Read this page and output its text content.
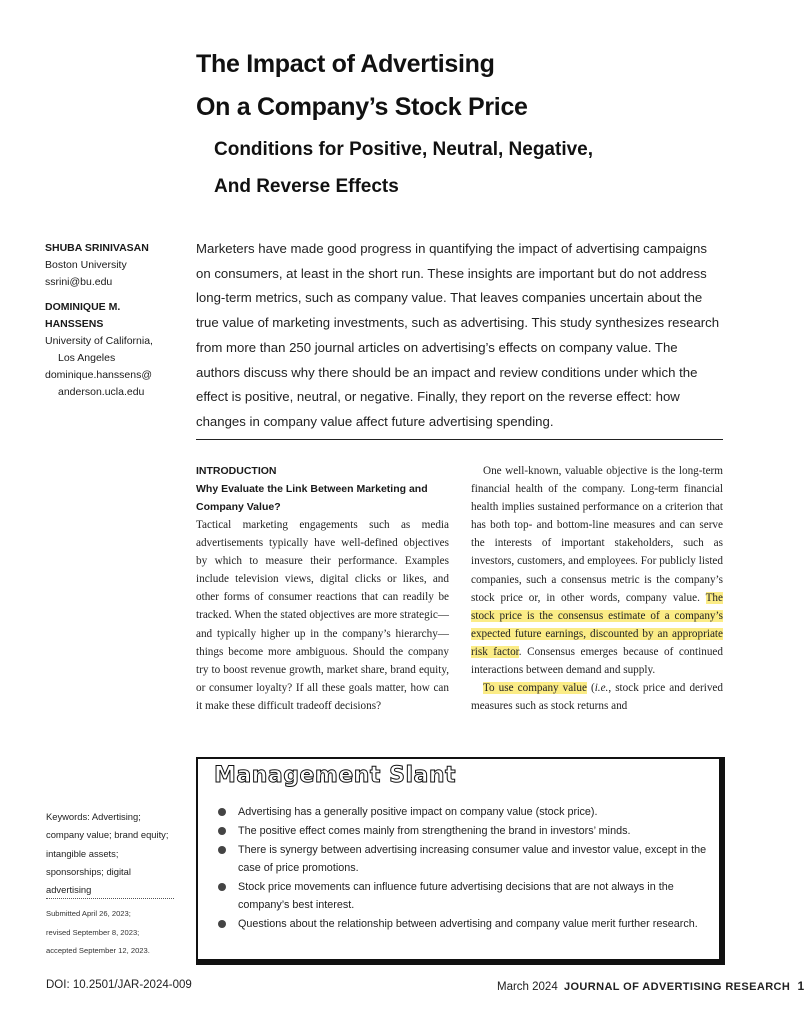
The Impact of Advertising
On a Company’s Stock Price
Conditions for Positive, Neutral, Negative,
And Reverse Effects
SHUBA SRINIVASAN
Boston University
ssrini@bu.edu
DOMINIQUE M.
HANSSENS
University of California,
Los Angeles
dominique.hanssens@
anderson.ucla.edu
Marketers have made good progress in quantifying the impact of advertising campaigns on consumers, at least in the short run. These insights are important but do not address long-term metrics, such as company value. That leaves companies uncertain about the true value of marketing investments, such as advertising. This study synthesizes research from more than 250 journal articles on advertising’s effects on company value. The authors discuss why there should be an impact and review conditions under which the effect is positive, neutral, or negative. Finally, they report on the reverse effect: how changes in company value affect future advertising spending.
INTRODUCTION
Why Evaluate the Link Between Marketing and Company Value?

Tactical marketing engagements such as media advertisements typically have well-defined objectives by which to measure their performance. Examples include television views, digital clicks or likes, and other forms of consumer reactions that can readily be tracked. When the stated objectives are more strategic—and typically higher up in the company’s hierarchy—things become more ambiguous. Should the company try to boost revenue growth, market share, brand equity, or consumer loyalty? If all these goals matter, how can it make these difficult tradeoff decisions?

One well-known, valuable objective is the long-term financial health of the company. Long-term financial health implies sustained performance on a criterion that has both top- and bottom-line measures and can serve the interests of important stakeholders, such as investors, customers, and employees. For publicly listed companies, such a consensus metric is the company’s stock price or, in other words, company value. The stock price is the consensus estimate of a company’s expected future earnings, discounted by an appropriate risk factor. Consensus emerges because of continued interactions between demand and supply.

To use company value (i.e., stock price and derived measures such as stock returns and

Management Slant
Advertising has a generally positive impact on company value (stock price).
The positive effect comes mainly from strengthening the brand in investors’ minds.
There is synergy between advertising increasing consumer value and investor value, except in the case of price promotions.
Stock price movements can influence future advertising decisions that are not always in the company’s best interest.
Questions about the relationship between advertising and company value merit further research.
Keywords: Advertising; company value; brand equity; intangible assets; sponsorships; digital advertising
Submitted April 26, 2023;
revised September 8, 2023;
accepted September 12, 2023.
DOI: 10.2501/JAR-2024-009	March 2024 JOURNAL OF ADVERTISING RESEARCH 1
